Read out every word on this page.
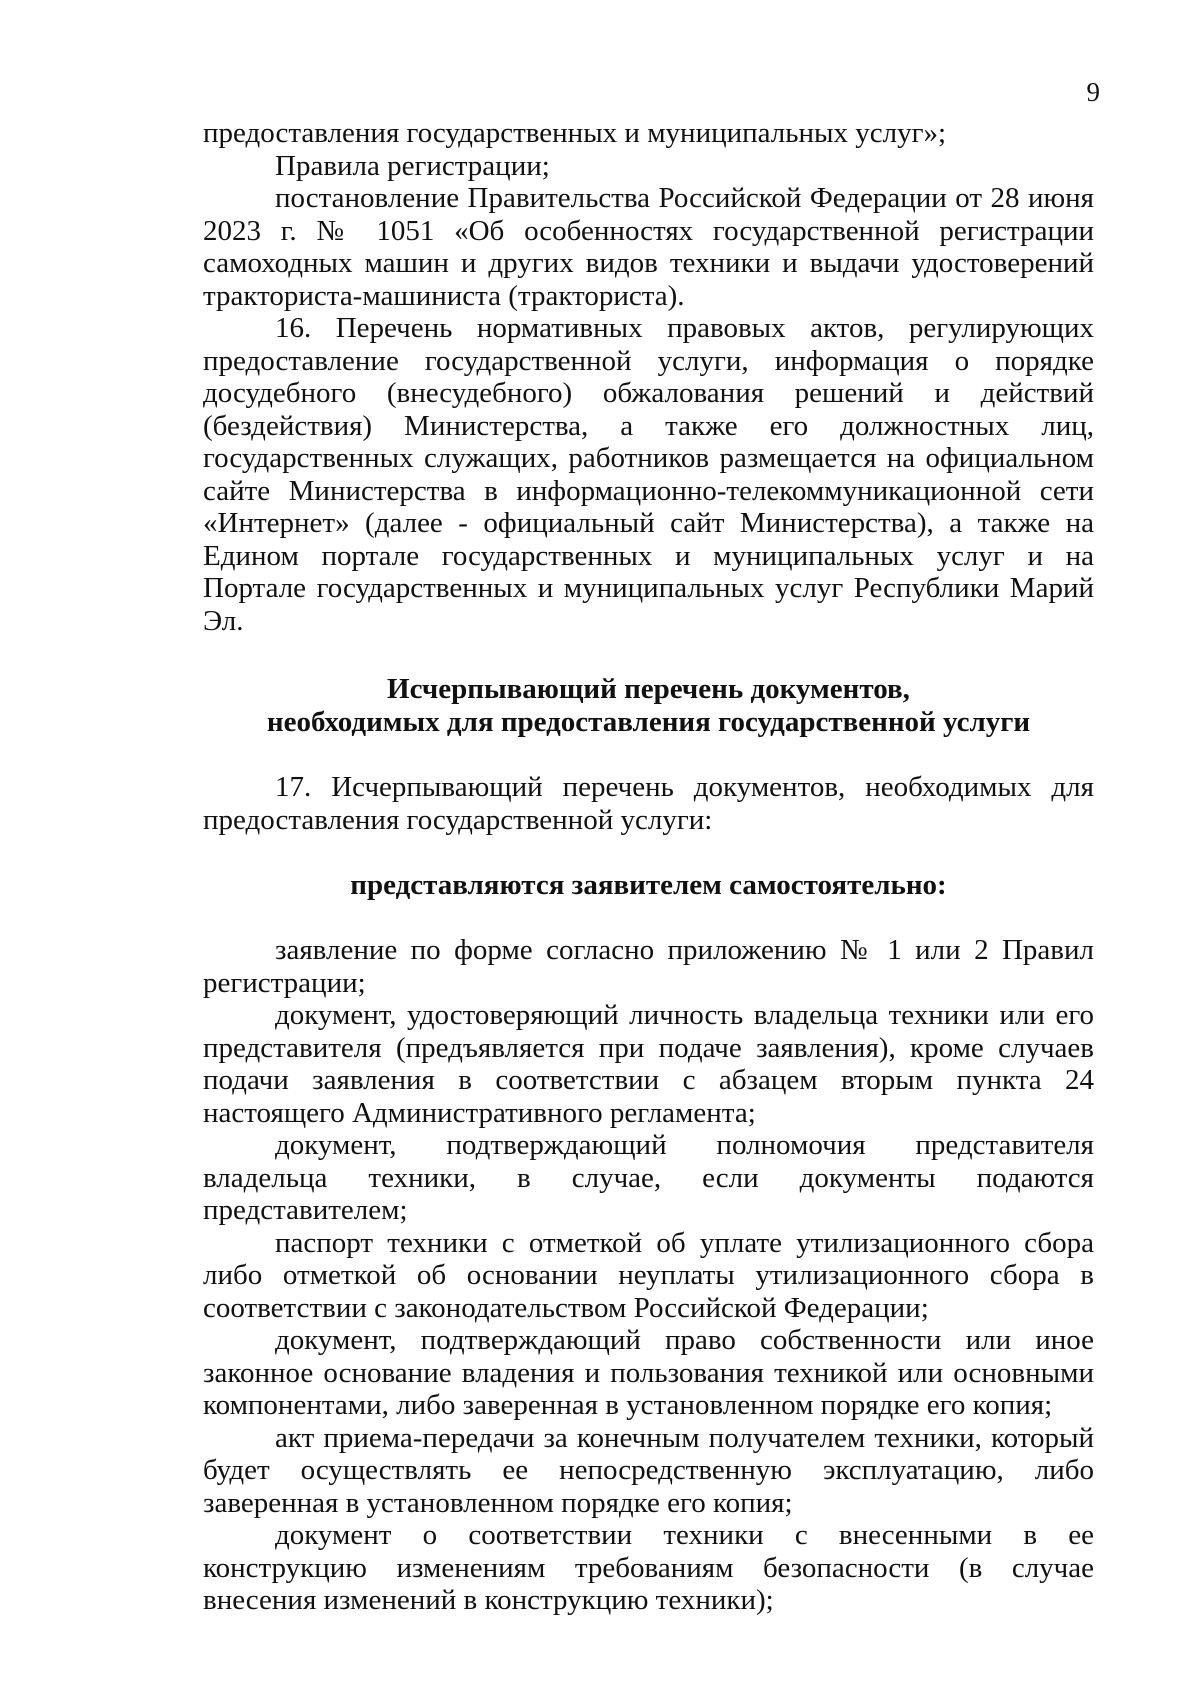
9

предоставления государственных и муниципальных услуг»;

Правила регистрации;

постановление Правительства Российской Федерации от 28 июня 2023 г. № 1051 «Об особенностях государственной регистрации самоходных машин и других видов техники и выдачи удостоверений тракториста-машиниста (тракториста).

16. Перечень нормативных правовых актов, регулирующих предоставление государственной услуги, информация о порядке досудебного (внесудебного) обжалования решений и действий (бездействия) Министерства, а также его должностных лиц, государственных служащих, работников размещается на официальном сайте Министерства в информационно-телекоммуникационной сети «Интернет» (далее - официальный сайт Министерства), а также на Едином портале государственных и муниципальных услуг и на Портале государственных и муниципальных услуг Республики Марий Эл.

Исчерпывающий перечень документов,
необходимых для предоставления государственной услуги

17. Исчерпывающий перечень документов, необходимых для предоставления государственной услуги:

представляются заявителем самостоятельно:

заявление по форме согласно приложению № 1 или 2 Правил регистрации;

документ, удостоверяющий личность владельца техники или его представителя (предъявляется при подаче заявления), кроме случаев подачи заявления в соответствии с абзацем вторым пункта 24 настоящего Административного регламента;

документ, подтверждающий полномочия представителя владельца техники, в случае, если документы подаются представителем;

паспорт техники с отметкой об уплате утилизационного сбора либо отметкой об основании неуплаты утилизационного сбора в соответствии с законодательством Российской Федерации;

документ, подтверждающий право собственности или иное законное основание владения и пользования техникой или основными компонентами, либо заверенная в установленном порядке его копия;

акт приема-передачи за конечным получателем техники, который будет осуществлять ее непосредственную эксплуатацию, либо заверенная в установленном порядке его копия;

документ о соответствии техники с внесенными в ее конструкцию изменениям требованиям безопасности (в случае внесения изменений в конструкцию техники);
